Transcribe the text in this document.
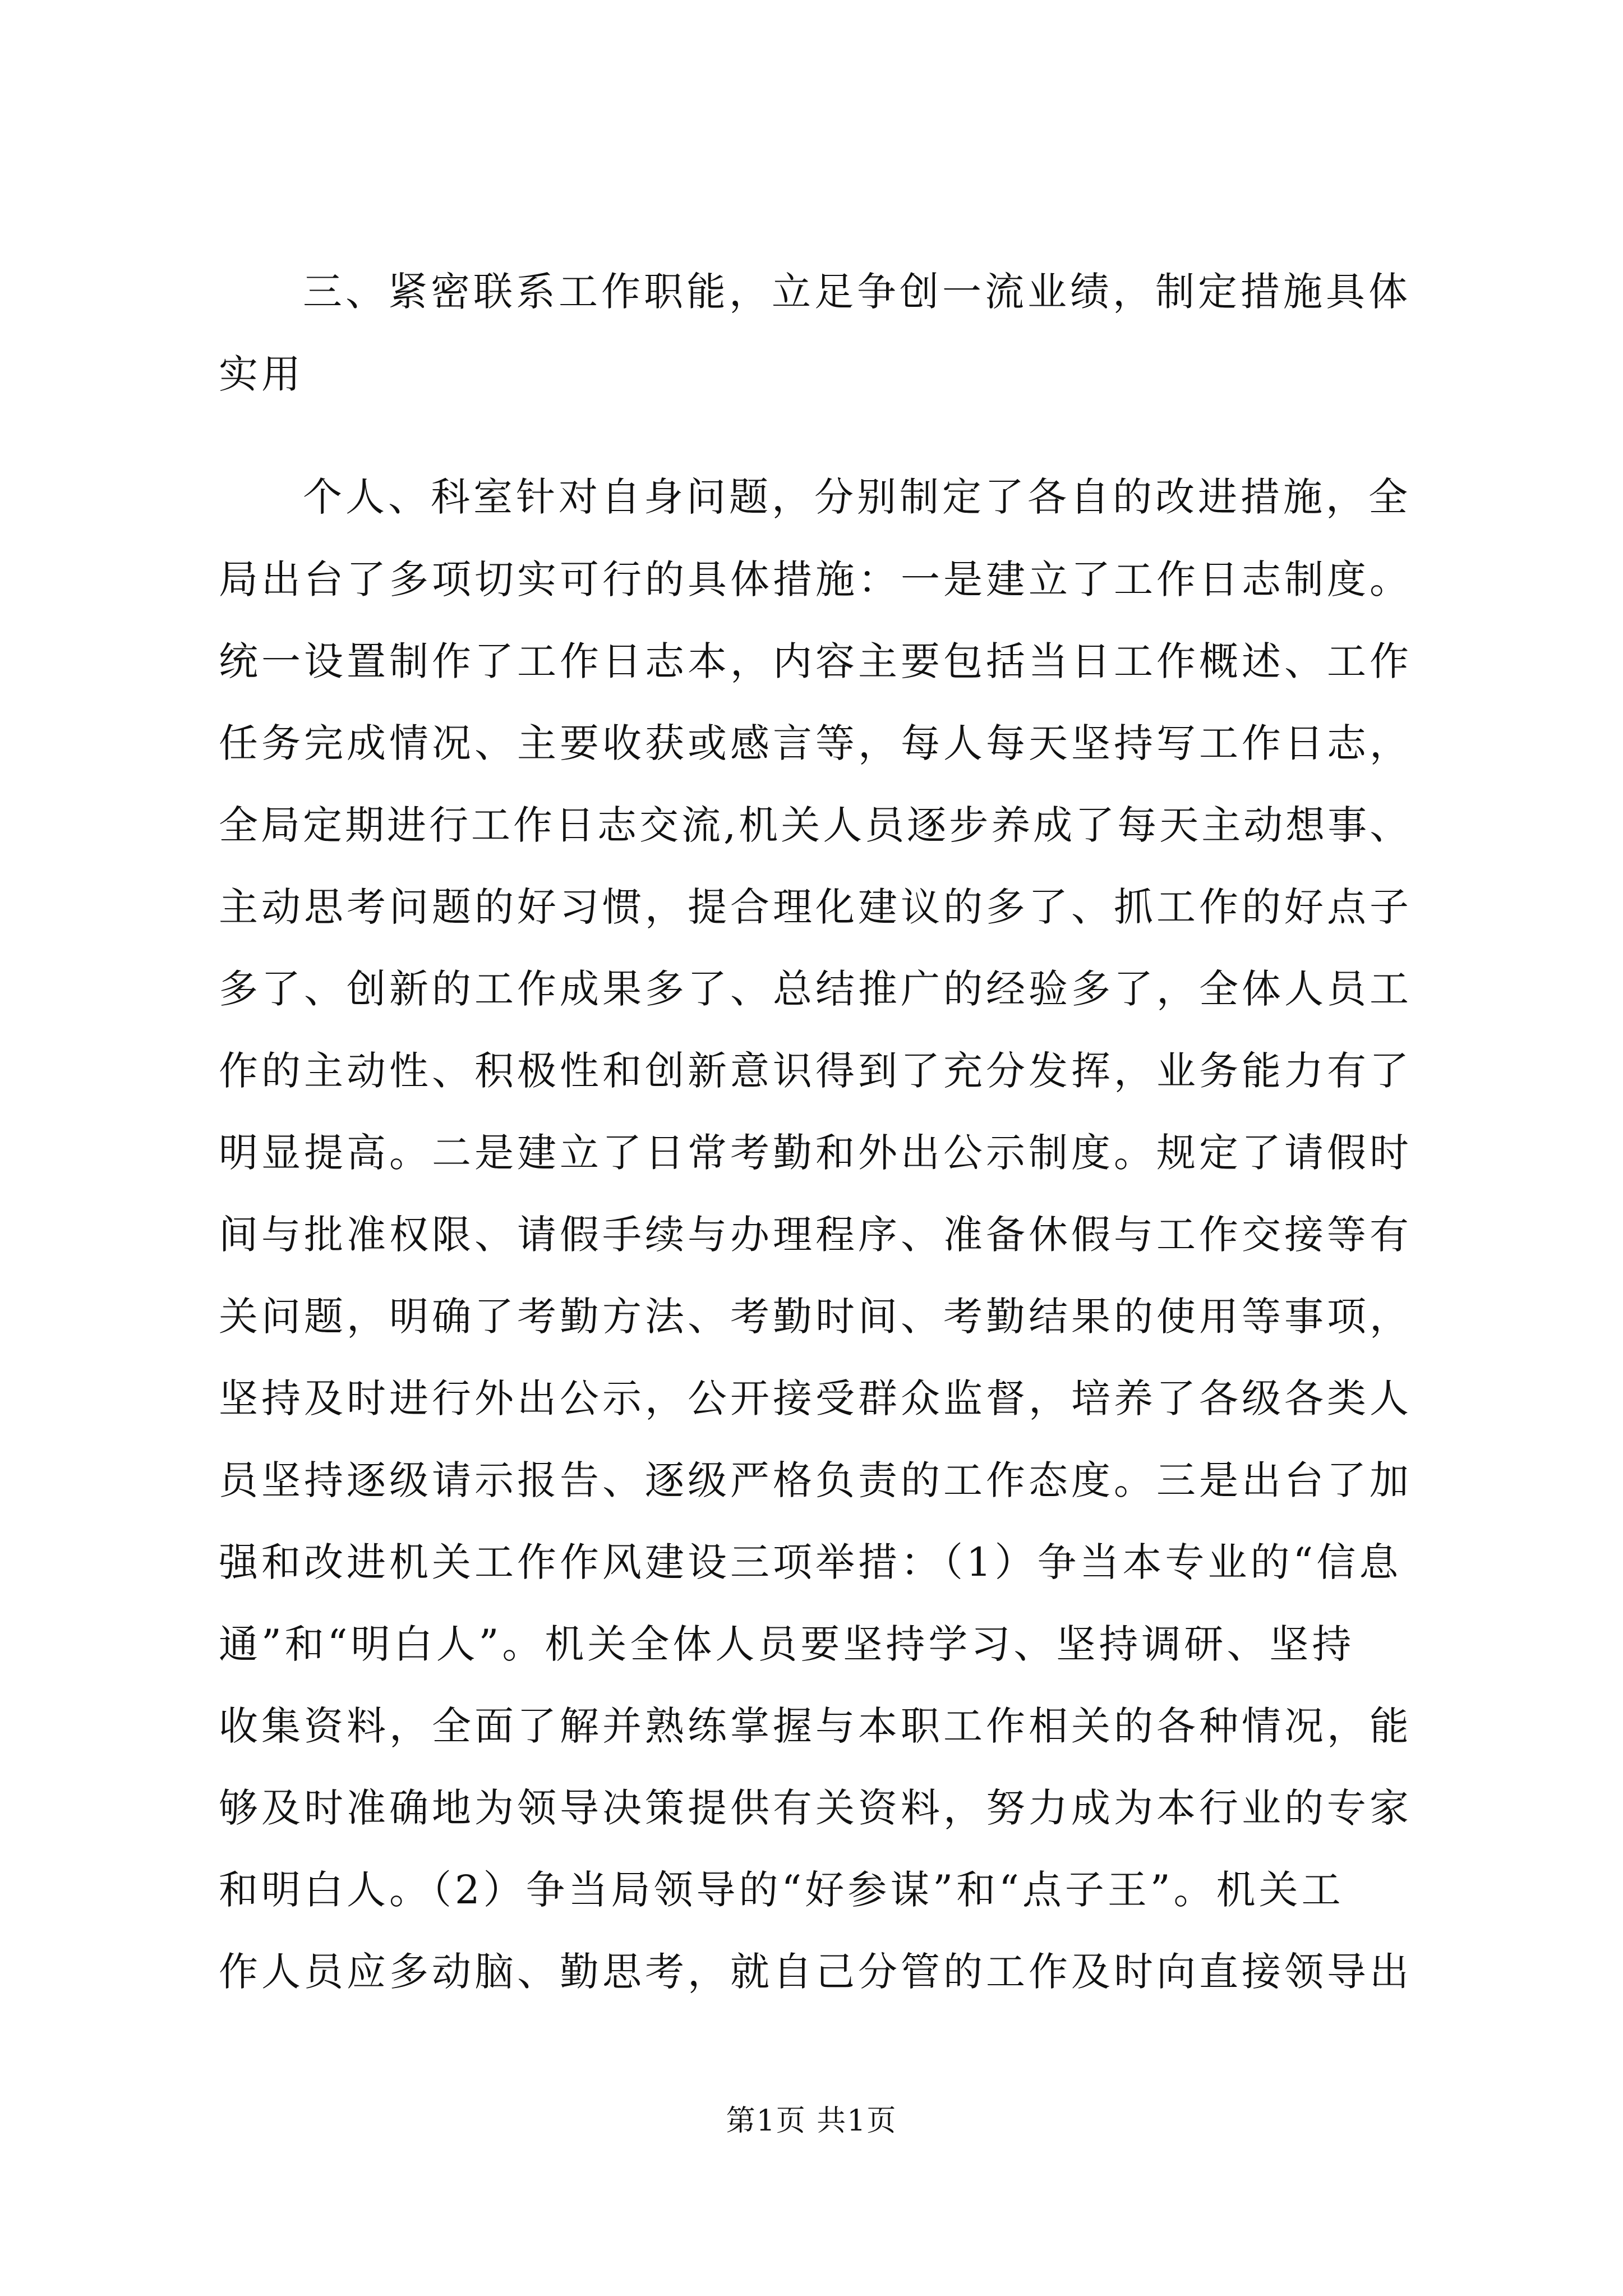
三、紧密联系工作职能，立足争创一流业绩，制定措施具体
实用
个人、科室针对自身问题，分别制定了各自的改进措施，全
局出台了多项切实可行的具体措施：一是建立了工作日志制度。
统一设置制作了工作日志本，内容主要包括当日工作概述、工作
任务完成情况、主要收获或感言等，每人每天坚持写工作日志，
全局定期进行工作日志交流,机关人员逐步养成了每天主动想事、
主动思考问题的好习惯，提合理化建议的多了、抓工作的好点子
多了、创新的工作成果多了、总结推广的经验多了，全体人员工
作的主动性、积极性和创新意识得到了充分发挥，业务能力有了
明显提高。二是建立了日常考勤和外出公示制度。规定了请假时
间与批准权限、请假手续与办理程序、准备休假与工作交接等有
关问题，明确了考勤方法、考勤时间、考勤结果的使用等事项，
坚持及时进行外出公示，公开接受群众监督，培养了各级各类人
员坚持逐级请示报告、逐级严格负责的工作态度。三是出台了加
强和改进机关工作作风建设三项举措：（1）争当本专业的“信息
通”和“明白人”。机关全体人员要坚持学习、坚持调研、坚持
收集资料，全面了解并熟练掌握与本职工作相关的各种情况，能
够及时准确地为领导决策提供有关资料，努力成为本行业的专家
和明白人。（2）争当局领导的“好参谋”和“点子王”。机关工
作人员应多动脑、勤思考，就自己分管的工作及时向直接领导出
第1页 共1页
